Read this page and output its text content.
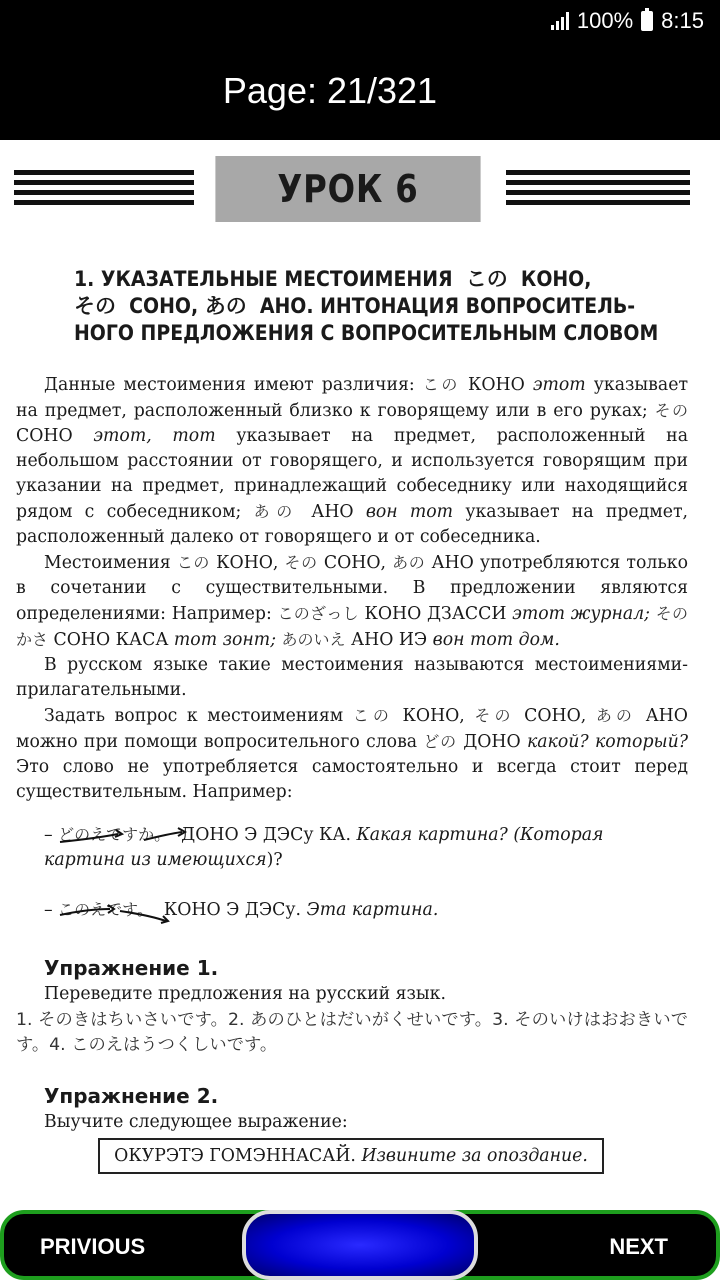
100% 8:15
Page: 21/321
УРОК 6
1. УКАЗАТЕЛЬНЫЕ МЕСТОИМЕНИЯ この КОНО,
その СОНО, あの АНО. ИНТОНАЦИЯ ВОПРОСИТЕЛЬ-
НОГО ПРЕДЛОЖЕНИЯ С ВОПРОСИТЕЛЬНЫМ СЛОВОМ

Данные местоимения имеют различия: この КОНО этот указывает на предмет, расположенный близко к говорящему или в его руках; その СОНО этот, тот указывает на предмет, расположенный на небольшом расстоянии от говорящего, и используется говорящим при указании на предмет, принадлежащий собеседнику или находящийся рядом с собеседником; あの АНО вон тот указывает на предмет, расположенный далеко от говорящего и от собеседника.

Местоимения この КОНО, その СОНО, あの АНО употребляются только в сочетании с существительными. В предложении являются определениями: Например: このざっし КОНО ДЗАССИ этот журнал; そのかさ СОНО КАСА тот зонт; あのいえ АНО ИЭ вон тот дом.

В русском языке такие местоимения называются местоимениями-прилагательными.

Задать вопрос к местоимениям この КОНО, その СОНО, あの АНО можно при помощи вопросительного слова どの ДОНО какой? который? Это слово не употребляется самостоятельно и всегда стоит перед существительным. Например:

– どのえですか。 ДОНО Э ДЭСу КА. Какая картина? (Которая картина из имеющихся)?
– このえです。 КОНО Э ДЭСу. Эта картина.
Упражнение 1.
Переведите предложения на русский язык.
1. そのきはちいさいです。2. あのひとはだいがくせいです。3. そのいけはおおきいです。4. このえはうつくしいです。
Упражнение 2.
Выучите следующее выражение:
ОКУРЭТЭ ГОМЭННАСАЙ.
Извините за опоздание.
PRIVIOUS	NEXT
